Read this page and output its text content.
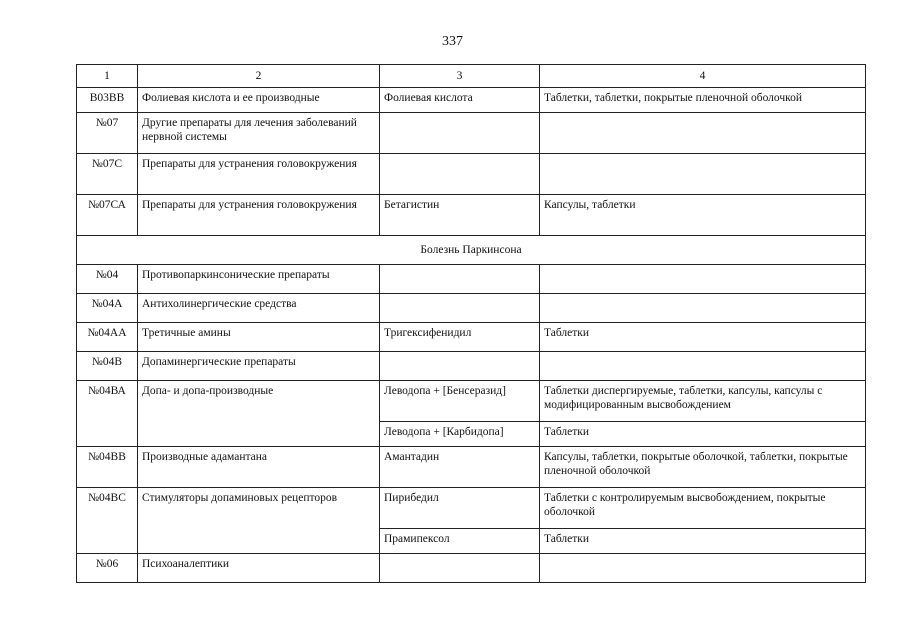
337
1	2	3	4
B03BB	Фолиевая кислота и ее производные	Фолиевая кислота	Таблетки, таблетки, покрытые пленочной оболочкой
№07	Другие препараты для лечения заболеваний нервной системы		
№07С	Препараты для устранения головокружения		
№07СА	Препараты для устранения головокружения	Бетагистин	Капсулы, таблетки
Болезнь Паркинсона			
№04	Противопаркинсонические препараты		
№04А	Антихолинергические средства		
№04АА	Третичные амины	Тригексифенидил	Таблетки
№04В	Допаминергические препараты		
№04ВА	Допа- и допа-производные	Леводопа + [Бенсеразид]	Таблетки диспергируемые, таблетки, капсулы, капсулы с модифицированным высвобождением
		Леводопа + [Карбидопа]	Таблетки
№04ВВ	Производные адамантана	Амантадин	Капсулы, таблетки, покрытые оболочкой, таблетки, покрытые пленочной оболочкой
№04ВС	Стимуляторы допаминовых рецепторов	Пирибедил	Таблетки с контролируемым высвобождением, покрытые оболочкой
		Прамипексол	Таблетки
№06	Психоаналептики		
